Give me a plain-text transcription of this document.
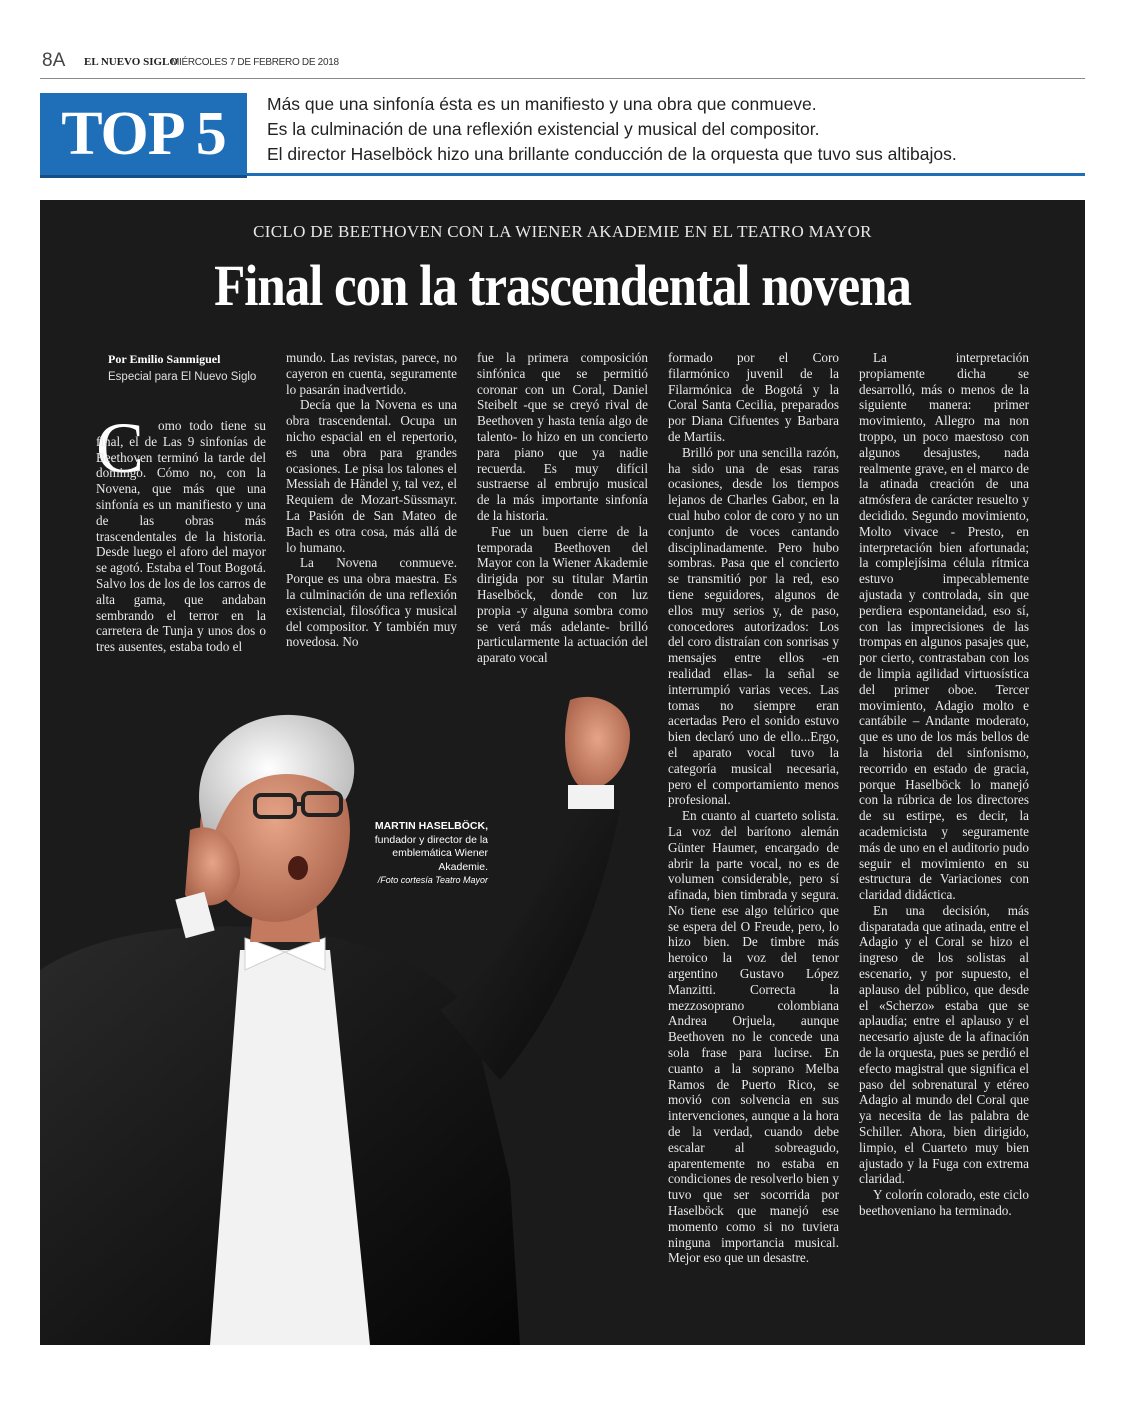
8A EL NUEVO SIGLO
MIÉRCOLES 7 DE FEBRERO DE 2018
TOP 5	Más que una sinfonía ésta es un manifiesto y una obra que conmueve.
Es la culminación de una reflexión existencial y musical del compositor.
El director Haselböck hizo una brillante conducción de la orquesta que tuvo sus altibajos.
CICLO DE BEETHOVEN CON LA WIENER AKADEMIE EN EL TEATRO MAYOR
Final con la trascendental novena
Por Emilio Sanmiguel
Especial para El Nuevo Siglo
C
MARTIN HASELBÖCK,
fundador y director de la emblemática Wiener Akademie.
/Foto cortesía Teatro Mayor

omo todo tiene su final, el de Las 9 sinfonías de Beethoven terminó la tarde del domingo. Cómo no, con la Novena, que más que una sinfonía es un manifiesto y una de las obras más trascendentales de la historia. Desde luego el aforo del mayor se agotó. Estaba el Tout Bogotá. Salvo los de los de los carros de alta gama, que andaban sembrando el terror en la carretera de Tunja y unos dos o tres ausentes, estaba todo el

mundo. Las revistas, parece, no cayeron en cuenta, seguramente lo pasarán inadvertido.

Decía que la Novena es una obra trascendental. Ocupa un nicho espacial en el repertorio, es una obra para grandes ocasiones. Le pisa los talones el Messiah de Händel y, tal vez, el Requiem de Mozart-Süssmayr. La Pasión de San Mateo de Bach es otra cosa, más allá de lo humano.

La Novena conmueve. Porque es una obra maestra. Es la culminación de una reflexión existencial, filosófica y musical del compositor. Y también muy novedosa. No

fue la primera composición sinfónica que se permitió coronar con un Coral, Daniel Steibelt -que se creyó rival de Beethoven y hasta tenía algo de talento- lo hizo en un concierto para piano que ya nadie recuerda. Es muy difícil sustraerse al embrujo musical de la más importante sinfonía de la historia.

Fue un buen cierre de la temporada Beethoven del Mayor con la Wiener Akademie dirigida por su titular Martin Haselböck, donde con luz propia -y alguna sombra como se verá más adelante- brilló particularmente la actuación del aparato vocal

formado por el Coro filarmónico juvenil de la Filarmónica de Bogotá y la Coral Santa Cecilia, preparados por Diana Cifuentes y Barbara de Martiis.

Brilló por una sencilla razón, ha sido una de esas raras ocasiones, desde los tiempos lejanos de Charles Gabor, en la cual hubo color de coro y no un conjunto de voces cantando disciplinadamente. Pero hubo sombras. Pasa que el concierto se transmitió por la red, eso tiene seguidores, algunos de ellos muy serios y, de paso, conocedores autorizados: Los del coro distraían con sonrisas y mensajes entre ellos -en realidad ellas- la señal se interrumpió varias veces. Las tomas no siempre eran acertadas Pero el sonido estuvo bien declaró uno de ello...Ergo, el aparato vocal tuvo la categoría musical necesaria, pero el comportamiento menos profesional.

En cuanto al cuarteto solista. La voz del barítono alemán Günter Haumer, encargado de abrir la parte vocal, no es de volumen considerable, pero sí afinada, bien timbrada y segura. No tiene ese algo telúrico que se espera del O Freude, pero, lo hizo bien. De timbre más heroico la voz del tenor argentino Gustavo López Manzitti. Correcta la mezzosoprano colombiana Andrea Orjuela, aunque Beethoven no le concede una sola frase para lucirse. En cuanto a la soprano Melba Ramos de Puerto Rico, se movió con solvencia en sus intervenciones, aunque a la hora de la verdad, cuando debe escalar al sobreagudo, aparentemente no estaba en condiciones de resolverlo bien y tuvo que ser socorrida por Haselböck que manejó ese momento como si no tuviera ninguna importancia musical. Mejor eso que un desastre.

La interpretación propiamente dicha se desarrolló, más o menos de la siguiente manera: primer movimiento, Allegro ma non troppo, un poco maestoso con algunos desajustes, nada realmente grave, en el marco de la atinada creación de una atmósfera de carácter resuelto y decidido. Segundo movimiento, Molto vivace - Presto, en interpretación bien afortunada; la complejísima célula rítmica estuvo impecablemente ajustada y controlada, sin que perdiera espontaneidad, eso sí, con las imprecisiones de las trompas en algunos pasajes que, por cierto, contrastaban con los de limpia agilidad virtuosística del primer oboe. Tercer movimiento, Adagio molto e cantábile – Andante moderato, que es uno de los más bellos de la historia del sinfonismo, recorrido en estado de gracia, porque Haselböck lo manejó con la rúbrica de los directores de su estirpe, es decir, la academicista y seguramente más de uno en el auditorio pudo seguir el movimiento en su estructura de Variaciones con claridad didáctica.

En una decisión, más disparatada que atinada, entre el Adagio y el Coral se hizo el ingreso de los solistas al escenario, y por supuesto, el aplauso del público, que desde el «Scherzo» estaba que se aplaudía; entre el aplauso y el necesario ajuste de la afinación de la orquesta, pues se perdió el efecto magistral que significa el paso del sobrenatural y etéreo Adagio al mundo del Coral que ya necesita de las palabra de Schiller. Ahora, bien dirigido, limpio, el Cuarteto muy bien ajustado y la Fuga con extrema claridad.

Y colorín colorado, este ciclo beethoveniano ha terminado.
